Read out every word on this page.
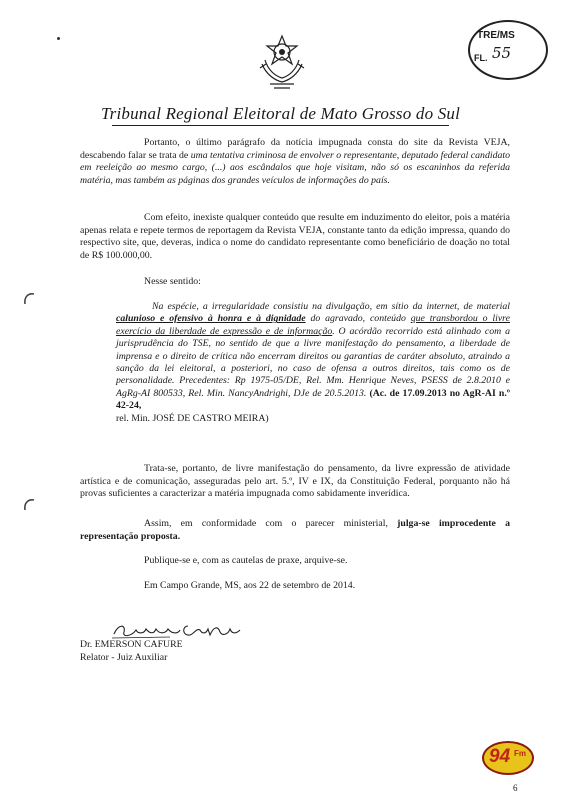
TRE/MS
FL. 55
Tribunal Regional Eleitoral de Mato Grosso do Sul

Portanto, o último parágrafo da notícia impugnada consta do site da Revista VEJA, descabendo falar se trata de uma tentativa criminosa de envolver o representante, deputado federal candidato em reeleição ao mesmo cargo, (...) aos escândalos que hoje visitam, não só os escaninhos da referida matéria, mas também as páginas dos grandes veículos de informações do país.

Com efeito, inexiste qualquer conteúdo que resulte em induzimento do eleitor, pois a matéria apenas relata e repete termos de reportagem da Revista VEJA, constante tanto da edição impressa, quando do respectivo site, que, deveras, indica o nome do candidato representante como beneficiário de doação no total de R$ 100.000,00.

Nesse sentido:

Na espécie, a irregularidade consistiu na divulgação, em sítio da internet, de material calunioso e ofensivo à honra e à dignidade do agravado, conteúdo que transbordou o livre exercício da liberdade de expressão e de informação. O acórdão recorrido está alinhado com a jurisprudência do TSE, no sentido de que a livre manifestação do pensamento, a liberdade de imprensa e o direito de crítica não encerram direitos ou garantias de caráter absoluto, atraindo a sanção da lei eleitoral, a posteriori, no caso de ofensa a outros direitos, tais como os de personalidade. Precedentes: Rp 1975-05/DE, Rel. Mm. Henrique Neves, PSESS de 2.8.2010 e AgRg-AI 800533, Rel. Min. NancyAndrighi, DJe de 20.5.2013. (Ac. de 17.09.2013 no AgR-AI n.º 42-24,
rel. Min. JOSÉ DE CASTRO MEIRA)

Trata-se, portanto, de livre manifestação do pensamento, da livre expressão de atividade artística e de comunicação, asseguradas pelo art. 5.º, IV e IX, da Constituição Federal, porquanto não há provas suficientes a caracterizar a matéria impugnada como sabidamente inverídica.

Assim, em conformidade com o parecer ministerial, julga-se improcedente a representação proposta.

Publique-se e, com as cautelas de praxe, arquive-se.

Em Campo Grande, MS, aos 22 de setembro de 2014.

Dr. EMERSON CAFURE
Relator - Juiz Auxiliar
94 Fm
6
